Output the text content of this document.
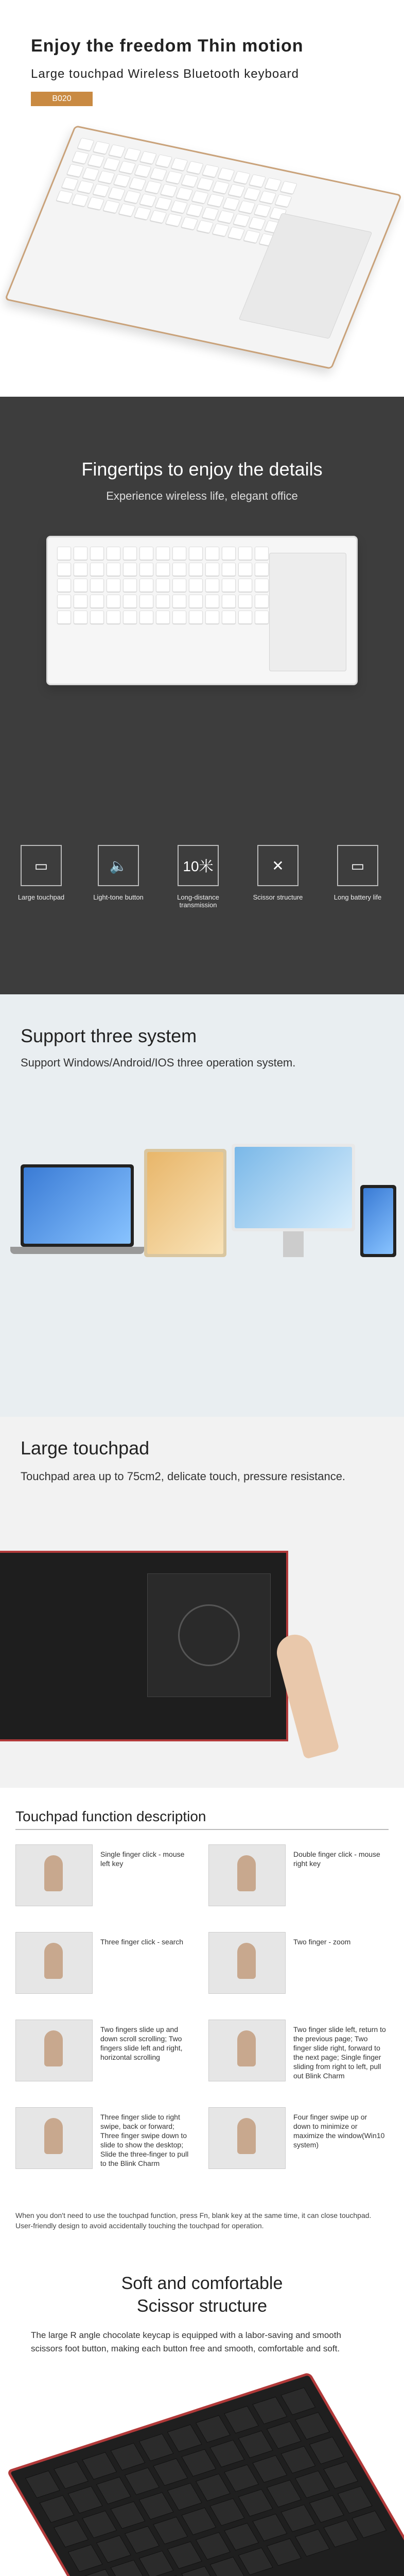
Enjoy the freedom Thin motion
Large touchpad Wireless Bluetooth keyboard
B020
Fingertips to enjoy the details
Experience wireless life, elegant office
▭
Large touchpad
🔈
Light-tone button
10米
Long-distance transmission
✕
Scissor structure
▭
Long battery life
Support three system
Support Windows/Android/IOS three operation system.
Large touchpad
Touchpad area up to 75cm2, delicate touch, pressure resistance.
Touchpad function description
Single finger click - mouse left key
Double finger click - mouse right key
Three finger click - search	Two finger - zoom
Two fingers slide up and down scroll scrolling; Two fingers slide left and right, horizontal scrolling
Two finger slide left, return to the previous page; Two finger slide right, forward to the next page; Single finger sliding from right to left, pull out Blink Charm
Three finger slide to right swipe, back or forward; Three finger swipe down to slide to show the desktop; Slide the three-finger to pull to the Blink Charm
Four finger swipe up or down to minimize or maximize the window(Win10 system)
When you don't need to use the touchpad function, press Fn, blank key at the same time, it can close touchpad. User-friendly design to avoid accidentally touching the touchpad for operation.
Soft and comfortable
Scissor structure
The large R angle chocolate keycap is equipped with a labor-saving and smooth scissors foot button, making each button free and smooth, comfortable and soft.
